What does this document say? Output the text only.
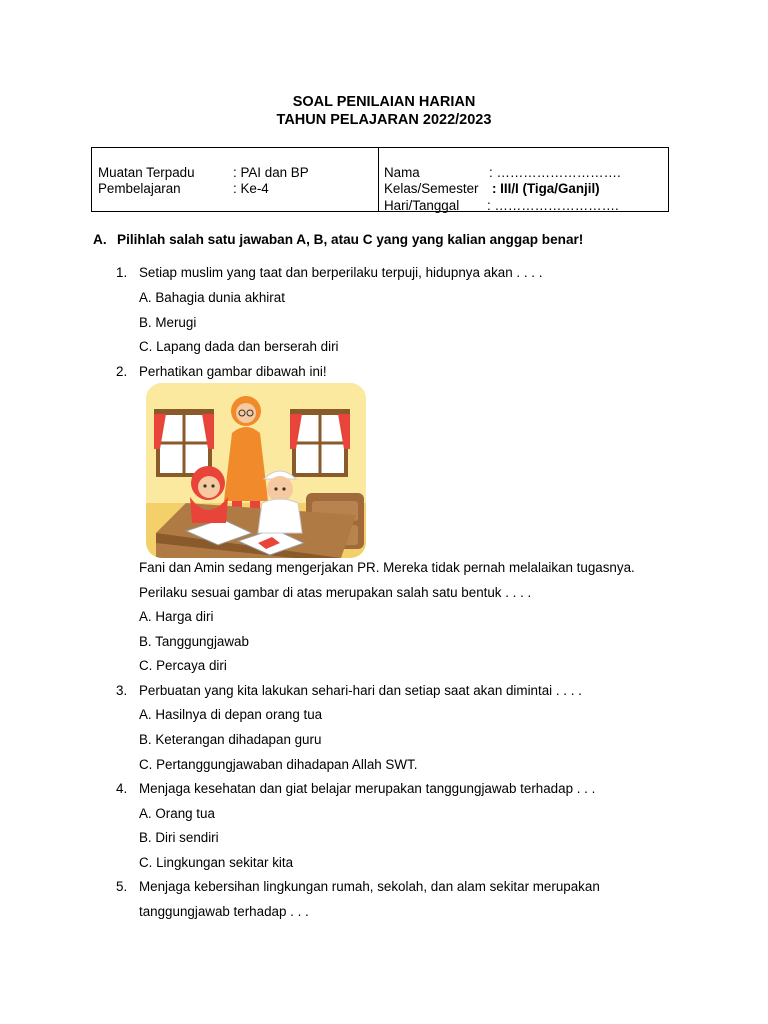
SOAL PENILAIAN HARIAN
TAHUN PELAJARAN 2022/2023
Muatan Terpadu	: PAI dan BP
Pembelajaran	: Ke-4
Nama	: ……………………….
Kelas/Semester : III/I (Tiga/Ganjil)
Hari/Tanggal : ……………………….
A. Pilihlah salah satu jawaban A, B, atau C yang yang kalian anggap benar!
1. Setiap muslim yang taat dan berperilaku terpuji, hidupnya akan . . . .
A. Bahagia dunia akhirat
B. Merugi
C. Lapang dada dan berserah diri
2. Perhatikan gambar dibawah ini!
Fani dan Amin sedang mengerjakan PR. Mereka tidak pernah melalaikan tugasnya.
Perilaku sesuai gambar di atas merupakan salah satu bentuk . . . .
A. Harga diri
B. Tanggungjawab
C. Percaya diri
3. Perbuatan yang kita lakukan sehari-hari dan setiap saat akan dimintai . . . .
A. Hasilnya di depan orang tua
B. Keterangan dihadapan guru
C. Pertanggungjawaban dihadapan Allah SWT.
4. Menjaga kesehatan dan giat belajar merupakan tanggungjawab terhadap . . .
A. Orang tua
B. Diri sendiri
C. Lingkungan sekitar kita
5. Menjaga kebersihan lingkungan rumah, sekolah, dan alam sekitar merupakan
tanggungjawab terhadap . . .
